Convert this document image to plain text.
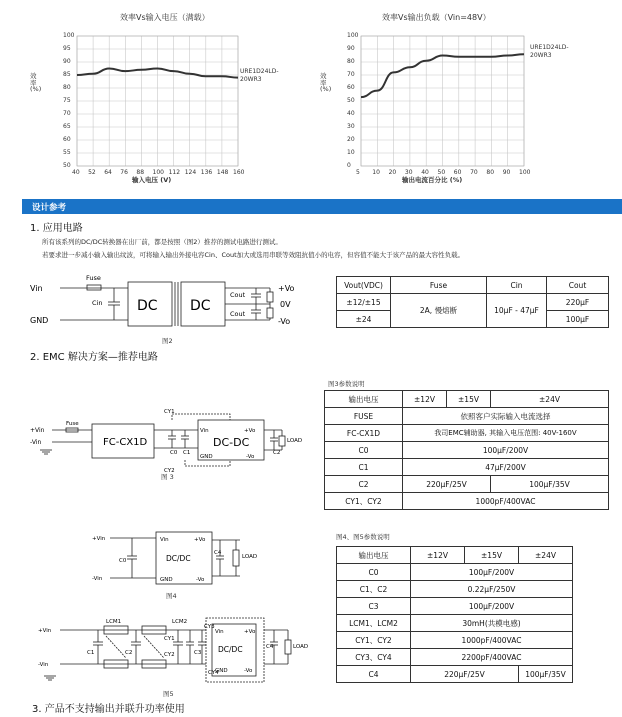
效率Vs输入电压（满载）
效率(%)
100
95
90
85
80
75
70
65
60
55
50
40 52 64 76 88 100 112 124 136 148 160
URE1D24LD-20WR3
输入电压 (V)
效率Vs输出负载（Vin=48V）
效率(%)
100
90
80
70
60
50
40
30
20
10
0
5 10 20 30 40 50 60 70 80 90 100
URE1D24LD-20WR3
输出电流百分比 (%)
设计参考
1. 应用电路
所有该系列的DC/DC转换器在出厂前，都是按照（图2）推荐的测试电路进行测试。
若要求进一步减小输入输出纹波，可将输入输出外接电容Cin、Cout加大或选用串联等效阻抗值小的电容，但容值不能大于该产品的最大容性负载。
Vin
GND
Fuse
Cin DC DC
Cout
Cout
+Vo
0V
-Vo
图2
Vout(VDC)	Fuse	Cin	Cout
±12/±15	2A, 慢熔断	10μF - 47μF	220μF
±24			100μF
2. EMC 解决方案—推荐电路
CY1
CY2
Fuse
+Vin
-Vin	FC-CX1D
C0 C1
Vin
GND
DC-DC
+Vo
-Vo
C2
LOAD
图 3
图3参数说明
输出电压	±12V	±15V	±24V
FUSE	依照客户实际输入电流选择		
FC-CX1D	我司EMC辅助器, 其输入电压范围: 40V-160V		
C0	100μF/200V		
C1	47μF/200V		
C2	220μF/25V		100μF/35V
CY1、CY2	1000pF/400VAC		
+Vin
-Vin
C0
Vin
DC/DC
GND
+Vo
-Vo
C4
LOAD
图4
LCM1	LCM2
CY3
CY4
+Vin
-Vin
C1	C2
CY1
CY2	C3
Vin
DC/DC
GND
+Vo
-Vo
C4	LOAD
图5
图4、图5参数说明
输出电压	±12V	±15V	±24V
C0	100μF/200V		
C1、C2	0.22μF/250V		
C3	100μF/200V		
LCM1、LCM2	30mH(共模电感)		
CY1、CY2	1000pF/400VAC		
CY3、CY4	2200pF/400VAC		
C4	220μF/25V		100μF/35V
3. 产品不支持输出并联升功率使用
